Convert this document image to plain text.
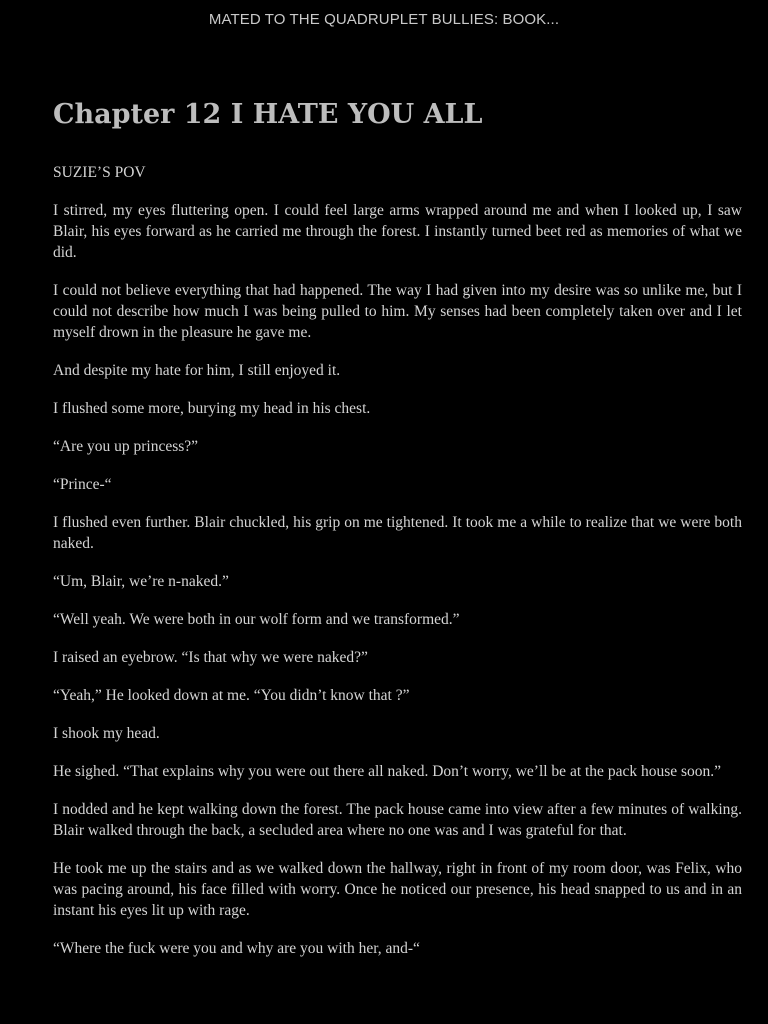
MATED TO THE QUADRUPLET BULLIES: BOOK...
Chapter 12 I HATE YOU ALL

SUZIE’S POV

I stirred, my eyes fluttering open. I could feel large arms wrapped around me and when I looked up, I saw Blair, his eyes forward as he carried me through the forest. I instantly turned beet red as memories of what we did.

I could not believe everything that had happened. The way I had given into my desire was so unlike me, but I could not describe how much I was being pulled to him. My senses had been completely taken over and I let myself drown in the pleasure he gave me.

And despite my hate for him, I still enjoyed it.

I flushed some more, burying my head in his chest.

“Are you up princess?”

“Prince-“

I flushed even further. Blair chuckled, his grip on me tightened. It took me a while to realize that we were both naked.

“Um, Blair, we’re n-naked.”

“Well yeah. We were both in our wolf form and we transformed.”

I raised an eyebrow. “Is that why we were naked?”

“Yeah,” He looked down at me. “You didn’t know that ?”

I shook my head.

He sighed. “That explains why you were out there all naked. Don’t worry, we’ll be at the pack house soon.”

I nodded and he kept walking down the forest. The pack house came into view after a few minutes of walking. Blair walked through the back, a secluded area where no one was and I was grateful for that.

He took me up the stairs and as we walked down the hallway, right in front of my room door, was Felix, who was pacing around, his face filled with worry. Once he noticed our presence, his head snapped to us and in an instant his eyes lit up with rage.

“Where the fuck were you and why are you with her, and-“
